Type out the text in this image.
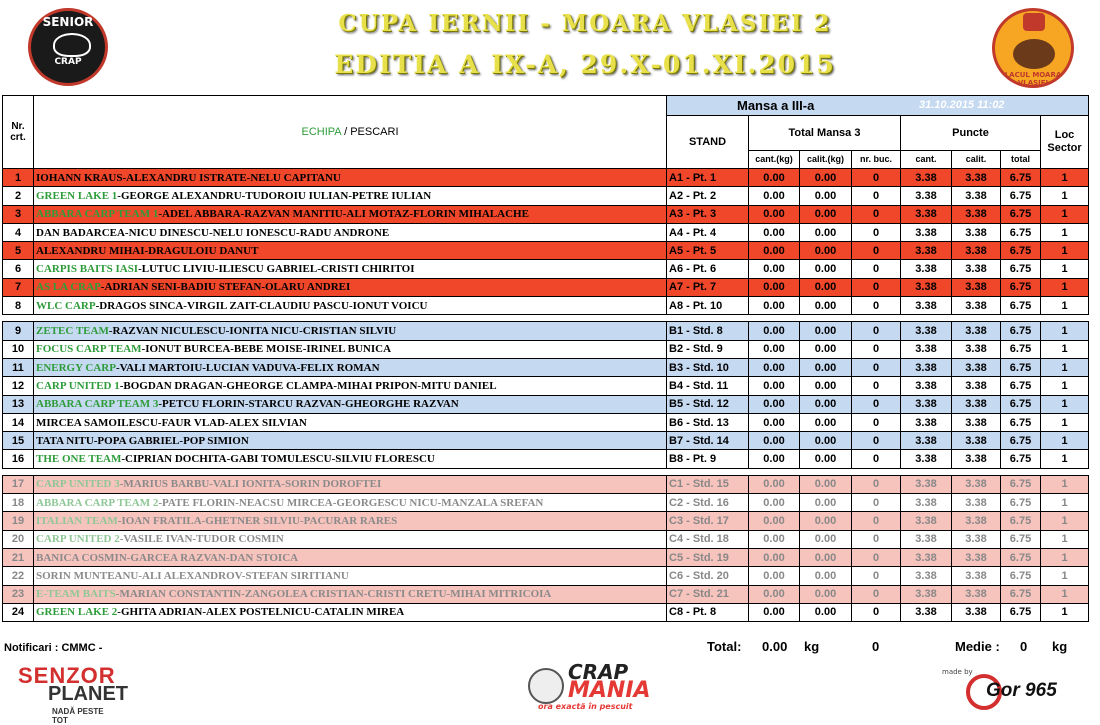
SENIOR
CRAP
CUPA IERNII - MOARA VLASIEI 2
EDITIA A IX-A, 29.X-01.XI.2015	LACUL MOARA VLASIEI
Nr. crt.	ECHIPA / PESCARI	Mansa a III-a 31.10.2015 11:02							

		STAND	Total Mansa 3			Puncte			Loc Sector
			cant.(kg)	calit.(kg)	nr. buc.	cant.	calit.	total	
1	IOHANN KRAUS-ALEXANDRU ISTRATE-NELU CAPITANU	A1 - Pt. 1	0.00	0.00	0	3.38	3.38	6.75	1
2	GREEN LAKE 1-GEORGE ALEXANDRU-TUDOROIU IULIAN-PETRE IULIAN	A2 - Pt. 2	0.00	0.00	0	3.38	3.38	6.75	1
3	ABBARA CARP TEAM 1-ADEL ABBARA-RAZVAN MANITIU-ALI MOTAZ-FLORIN MIHALACHE	A3 - Pt. 3	0.00	0.00	0	3.38	3.38	6.75	1
4	DAN BADARCEA-NICU DINESCU-NELU IONESCU-RADU ANDRONE	A4 - Pt. 4	0.00	0.00	0	3.38	3.38	6.75	1
5	ALEXANDRU MIHAI-DRAGULOIU DANUT	A5 - Pt. 5	0.00	0.00	0	3.38	3.38	6.75	1
6	CARPIS BAITS IASI-LUTUC LIVIU-ILIESCU GABRIEL-CRISTI CHIRITOI	A6 - Pt. 6	0.00	0.00	0	3.38	3.38	6.75	1
7	AS LA CRAP-ADRIAN SENI-BADIU STEFAN-OLARU ANDREI	A7 - Pt. 7	0.00	0.00	0	3.38	3.38	6.75	1
8	WLC CARP-DRAGOS SINCA-VIRGIL ZAIT-CLAUDIU PASCU-IONUT VOICU	A8 - Pt. 10	0.00	0.00	0	3.38	3.38	6.75	1

9	ZETEC TEAM-RAZVAN NICULESCU-IONITA NICU-CRISTIAN SILVIU	B1 - Std. 8	0.00	0.00	0	3.38	3.38	6.75	1
10	FOCUS CARP TEAM-IONUT BURCEA-BEBE MOISE-IRINEL BUNICA	B2 - Std. 9	0.00	0.00	0	3.38	3.38	6.75	1
11	ENERGY CARP-VALI MARTOIU-LUCIAN VADUVA-FELIX ROMAN	B3 - Std. 10	0.00	0.00	0	3.38	3.38	6.75	1
12	CARP UNITED 1-BOGDAN DRAGAN-GHEORGE CLAMPA-MIHAI PRIPON-MITU DANIEL	B4 - Std. 11	0.00	0.00	0	3.38	3.38	6.75	1
13	ABBARA CARP TEAM 3-PETCU FLORIN-STARCU RAZVAN-GHEORGHE RAZVAN	B5 - Std. 12	0.00	0.00	0	3.38	3.38	6.75	1
14	MIRCEA SAMOILESCU-FAUR VLAD-ALEX SILVIAN	B6 - Std. 13	0.00	0.00	0	3.38	3.38	6.75	1
15	TATA NITU-POPA GABRIEL-POP SIMION	B7 - Std. 14	0.00	0.00	0	3.38	3.38	6.75	1
16	THE ONE TEAM-CIPRIAN DOCHITA-GABI TOMULESCU-SILVIU FLORESCU	B8 - Pt. 9	0.00	0.00	0	3.38	3.38	6.75	1

17	CARP UNITED 3-MARIUS BARBU-VALI IONITA-SORIN DOROFTEI	C1 - Std. 15	0.00	0.00	0	3.38	3.38	6.75	1
18	ABBARA CARP TEAM 2-PATE FLORIN-NEACSU MIRCEA-GEORGESCU NICU-MANZALA SREFAN	C2 - Std. 16	0.00	0.00	0	3.38	3.38	6.75	1
19	ITALIAN TEAM-IOAN FRATILA-GHETNER SILVIU-PACURAR RARES	C3 - Std. 17	0.00	0.00	0	3.38	3.38	6.75	1
20	CARP UNITED 2-VASILE IVAN-TUDOR COSMIN	C4 - Std. 18	0.00	0.00	0	3.38	3.38	6.75	1
21	BANICA COSMIN-GARCEA RAZVAN-DAN STOICA	C5 - Std. 19	0.00	0.00	0	3.38	3.38	6.75	1
22	SORIN MUNTEANU-ALI ALEXANDROV-STEFAN SIRITIANU	C6 - Std. 20	0.00	0.00	0	3.38	3.38	6.75	1
23	E-TEAM BAITS-MARIAN CONSTANTIN-ZANGOLEA CRISTIAN-CRISTI CRETU-MIHAI MITRICOIA	C7 - Std. 21	0.00	0.00	0	3.38	3.38	6.75	1
24	GREEN LAKE 2-GHITA ADRIAN-ALEX POSTELNICU-CATALIN MIREA	C8 - Pt. 8	0.00	0.00	0	3.38	3.38	6.75	1
Notificari : CMMC -	Total: 0.00 kg	0	Medie : 0 kg
SENZOR
PLANET
NADĂ PESTE TOT
CRAP
MANIA
ora exactă în pescuit
made by
Gor 965
